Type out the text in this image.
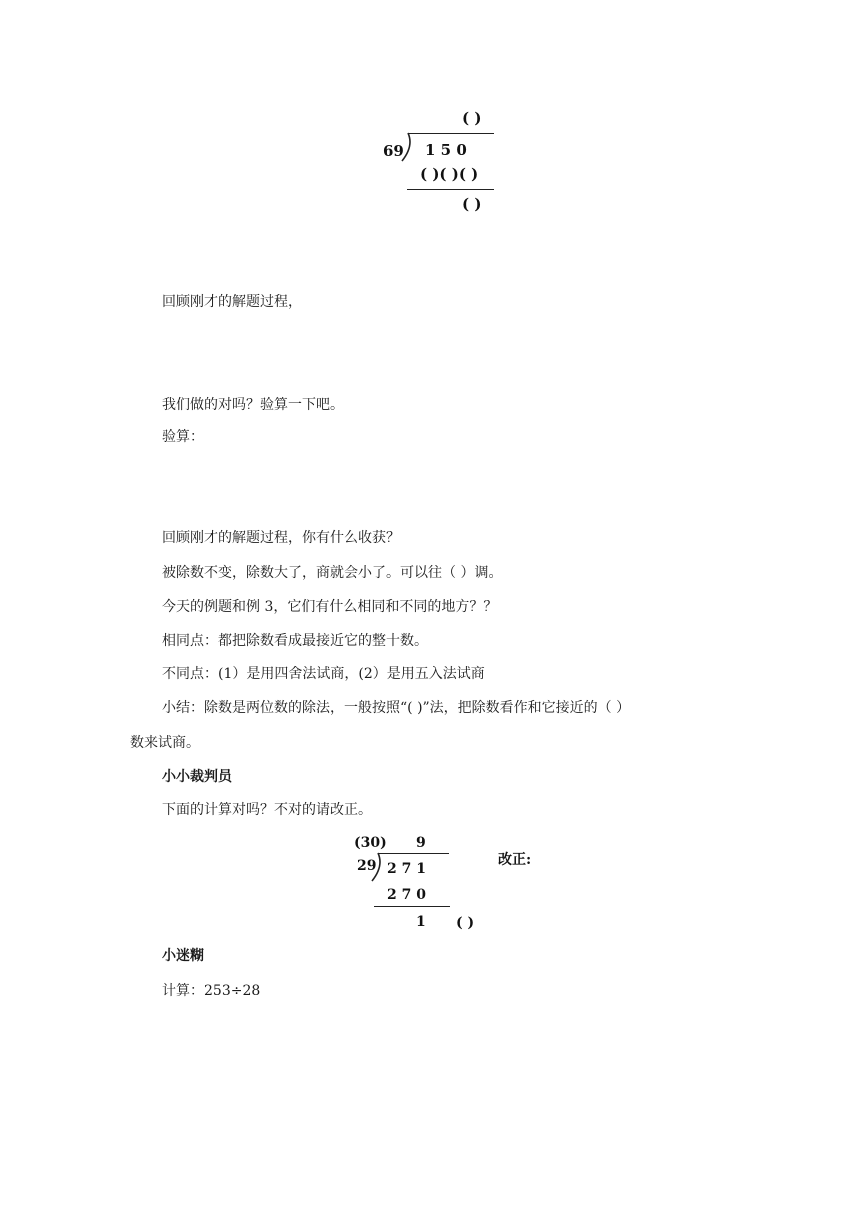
( )
69 1 5 0
( )( )( )
( )
回顾刚才的解题过程，
我们做的对吗？验算一下吧。
验算：
回顾刚才的解题过程，你有什么收获？
被除数不变，除数大了，商就会小了。可以往（ ）调。
今天的例题和例 3，它们有什么相同和不同的地方？？
相同点：都把除数看成最接近它的整十数。
不同点：(1）是用四舍法试商，(2）是用五入法试商
小结：除数是两位数的除法，一般按照“( )”法，把除数看作和它接近的（ ）
数来试商。
小小裁判员
下面的计算对吗？不对的请改正。
(30) 9
29 2 7 1
2 7 0
1 ( )
改正:
小迷糊
计算：253÷28
